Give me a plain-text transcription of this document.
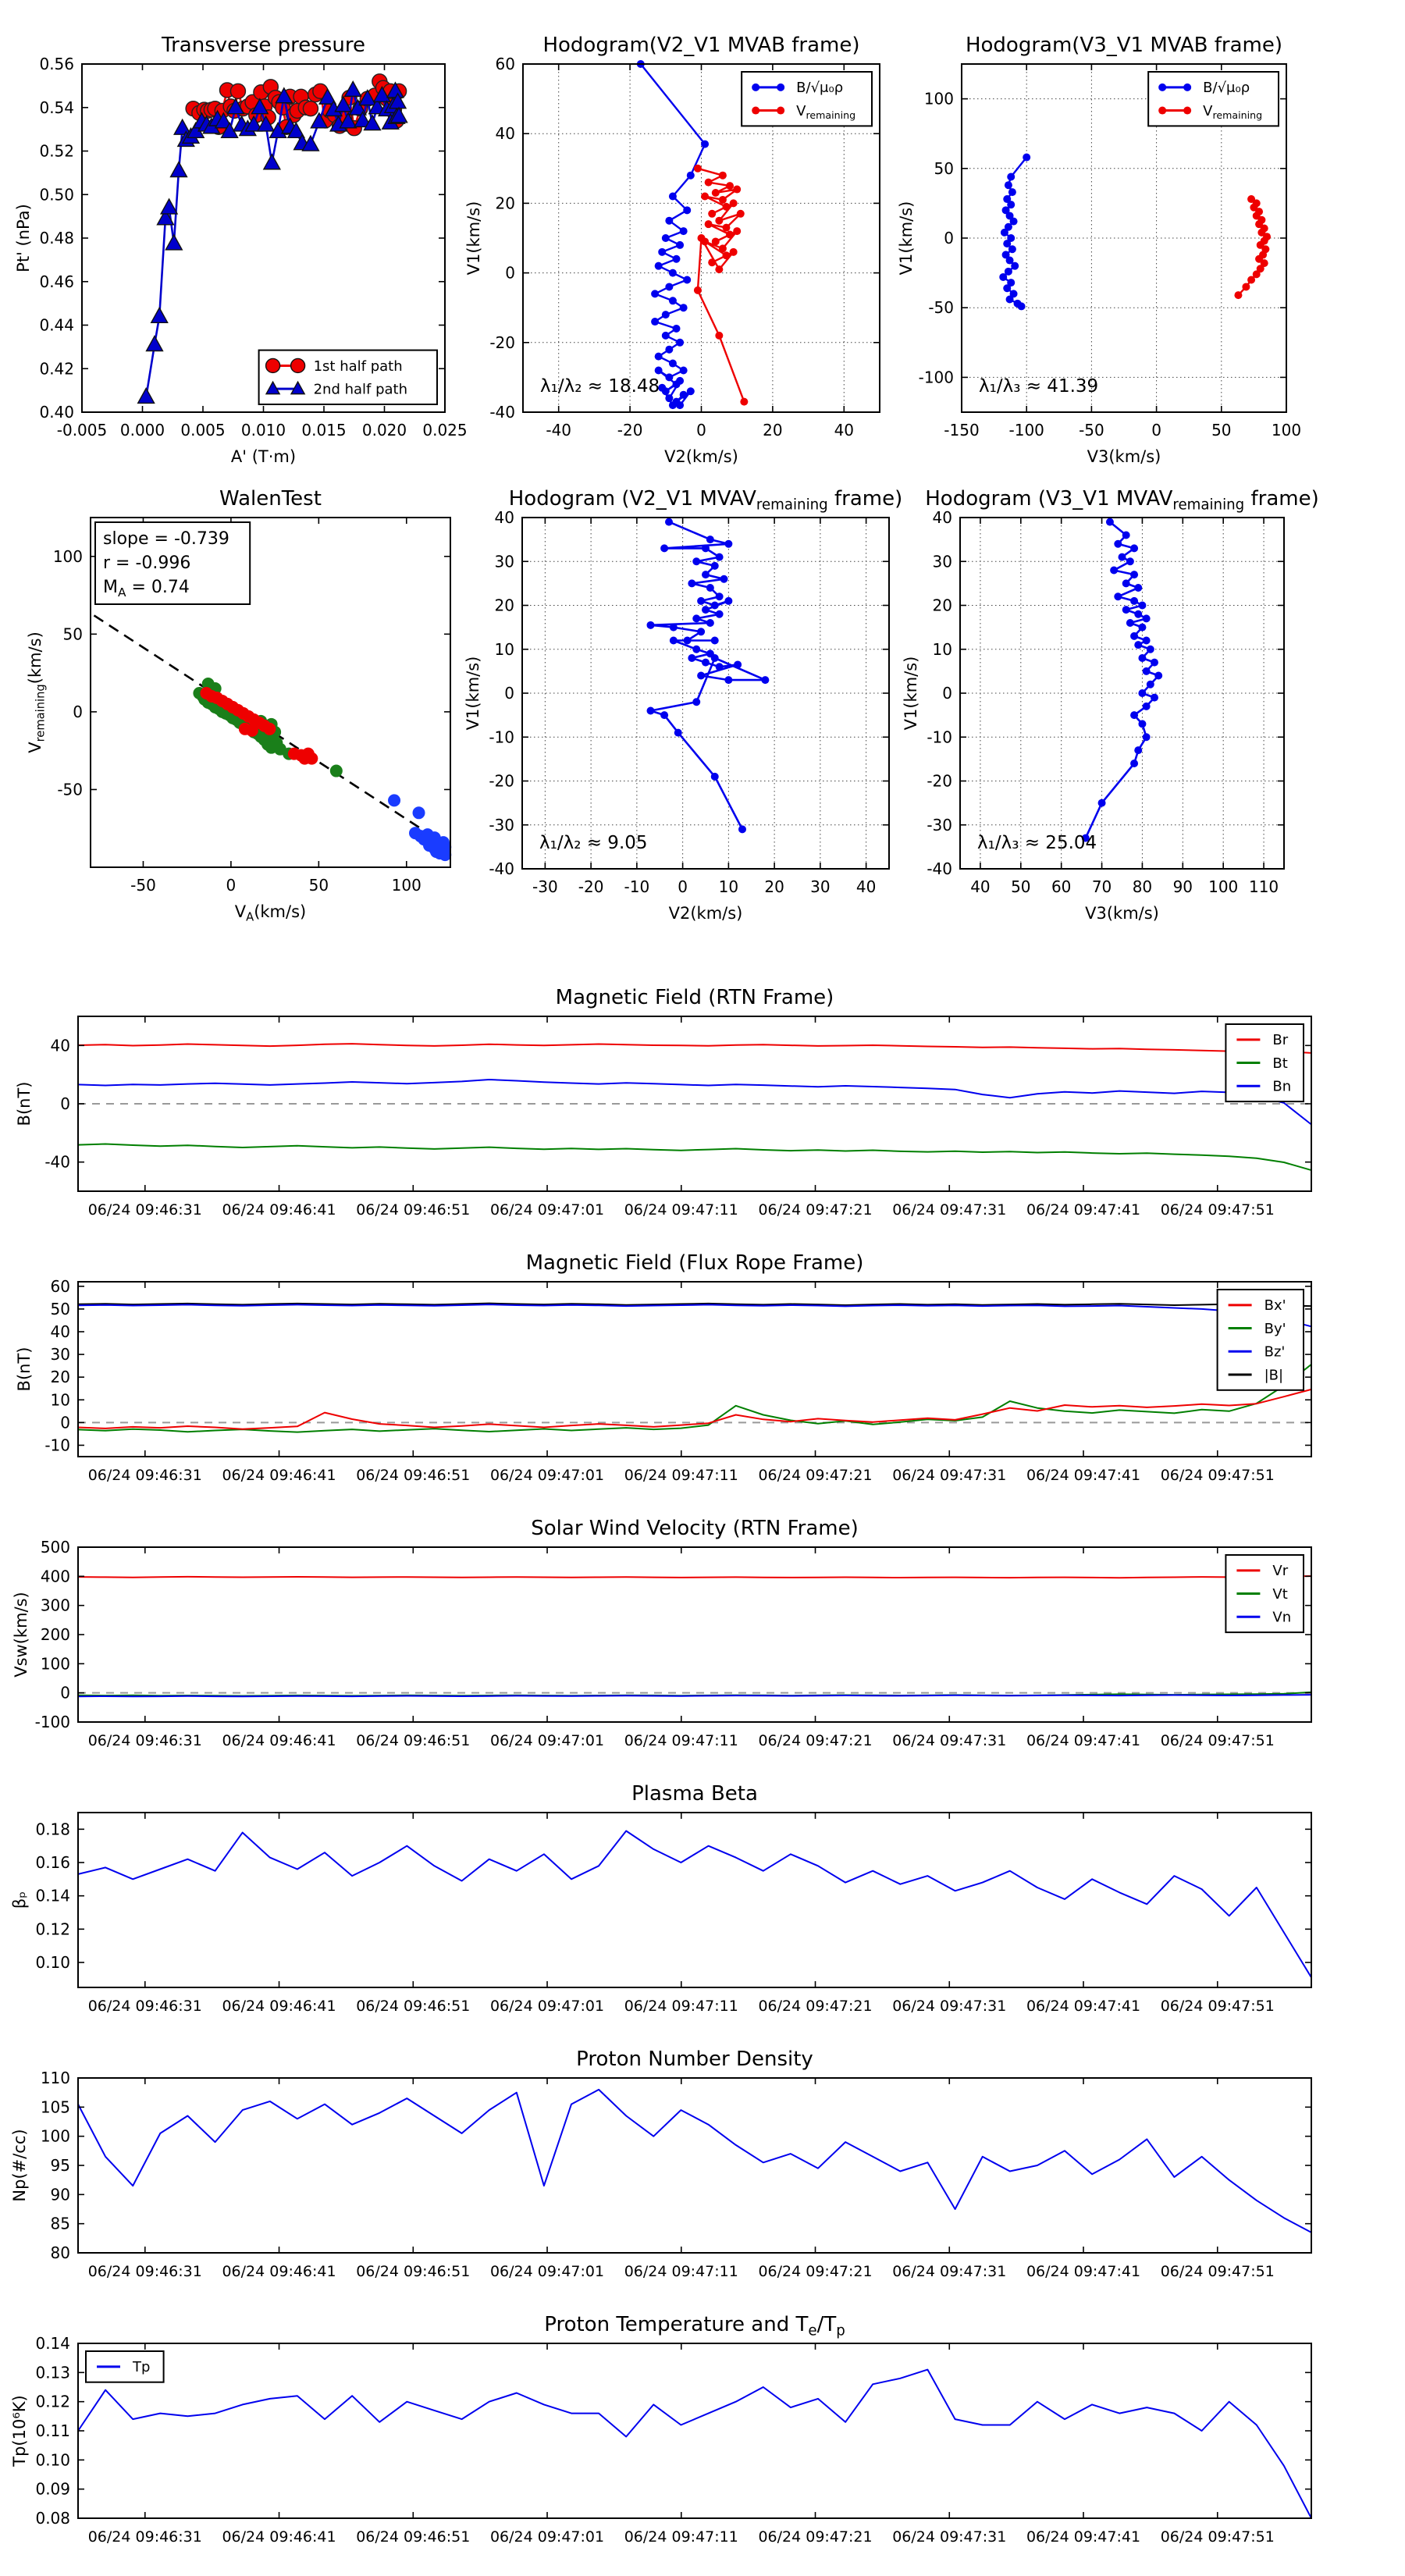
-0.005 0.000 0.005 0.010 0.015 0.020 0.025
0.40
0.42
0.44
0.46
0.48
0.50
0.52
0.54
0.56
Transverse pressure
A' (T·m)
Pt' (nPa)
1st half path
2nd half path
-40	-20	0	20	40
-40
-20
0
20
40
60
Hodogram(V2_V1 MVAB frame)
V2(km/s)
V1(km/s)
λ₁/λ₂ ≈ 18.48
B/√μ₀ρ
$V_{remaining}$
-150 -100 -50	0	50	100
-100
-50
0
50
100
Hodogram(V3_V1 MVAB frame)
V3(km/s)
V1(km/s)
λ₁/λ₃ ≈ 41.39
B/√μ₀ρ
$V_{remaining}$
-50	0	50	100
-50
0
50
100
WalenTest
$V_A(km/s)$
$V_{remaining}(km/s)$
slope = -0.739
r = -0.996
$M_A = 0.74$
-30 -20 -10 0 10 20 30 40
-40
-30
-20
-10
0
10
20
30
40
Hodogram (V2_V1 $MVAV_{remaining}$ frame)
V2(km/s)
V1(km/s)
λ₁/λ₂ ≈ 9.05
40 50 60 70 80 90 100 110
-40
-30
-20
-10
0
10
20
30
40
Hodogram (V3_V1 $MVAV_{remaining}$ frame)
V3(km/s)
V1(km/s)
λ₁/λ₃ ≈ 25.04
06/24 09:46:31 06/24 09:46:41 06/24 09:46:51 06/24 09:47:01 06/24 09:47:11 06/24 09:47:21 06/24 09:47:31 06/24 09:47:41 06/24 09:47:51
-40
0
40
Magnetic Field (RTN Frame)
B(nT)
Br
Bt
Bn
06/24 09:46:31 06/24 09:46:41 06/24 09:46:51 06/24 09:47:01 06/24 09:47:11 06/24 09:47:21 06/24 09:47:31 06/24 09:47:41 06/24 09:47:51
-10
0
10
20
30
40
50
60
Magnetic Field (Flux Rope Frame)
B(nT)
Bx'
By'
Bz'
|B|
06/24 09:46:31 06/24 09:46:41 06/24 09:46:51 06/24 09:47:01 06/24 09:47:11 06/24 09:47:21 06/24 09:47:31 06/24 09:47:41 06/24 09:47:51
-100
0
100
200
300
400
500
Solar Wind Velocity (RTN Frame)
Vsw(km/s)
Vr
Vt
Vn
06/24 09:46:31 06/24 09:46:41 06/24 09:46:51 06/24 09:47:01 06/24 09:47:11 06/24 09:47:21 06/24 09:47:31 06/24 09:47:41 06/24 09:47:51
0.10
0.12
0.14
0.16
0.18
Plasma Beta
βₚ
06/24 09:46:31 06/24 09:46:41 06/24 09:46:51 06/24 09:47:01 06/24 09:47:11 06/24 09:47:21 06/24 09:47:31 06/24 09:47:41 06/24 09:47:51
80
85
90
95
100
105
110
Proton Number Density
Np(#/cc)
06/24 09:46:31 06/24 09:46:41 06/24 09:46:51 06/24 09:47:01 06/24 09:47:11 06/24 09:47:21 06/24 09:47:31 06/24 09:47:41 06/24 09:47:51
0.08
0.09
0.10
0.11
0.12
0.13
0.14
Proton Temperature and $T_e/T_p$
Tp(10⁶K)
Tp
